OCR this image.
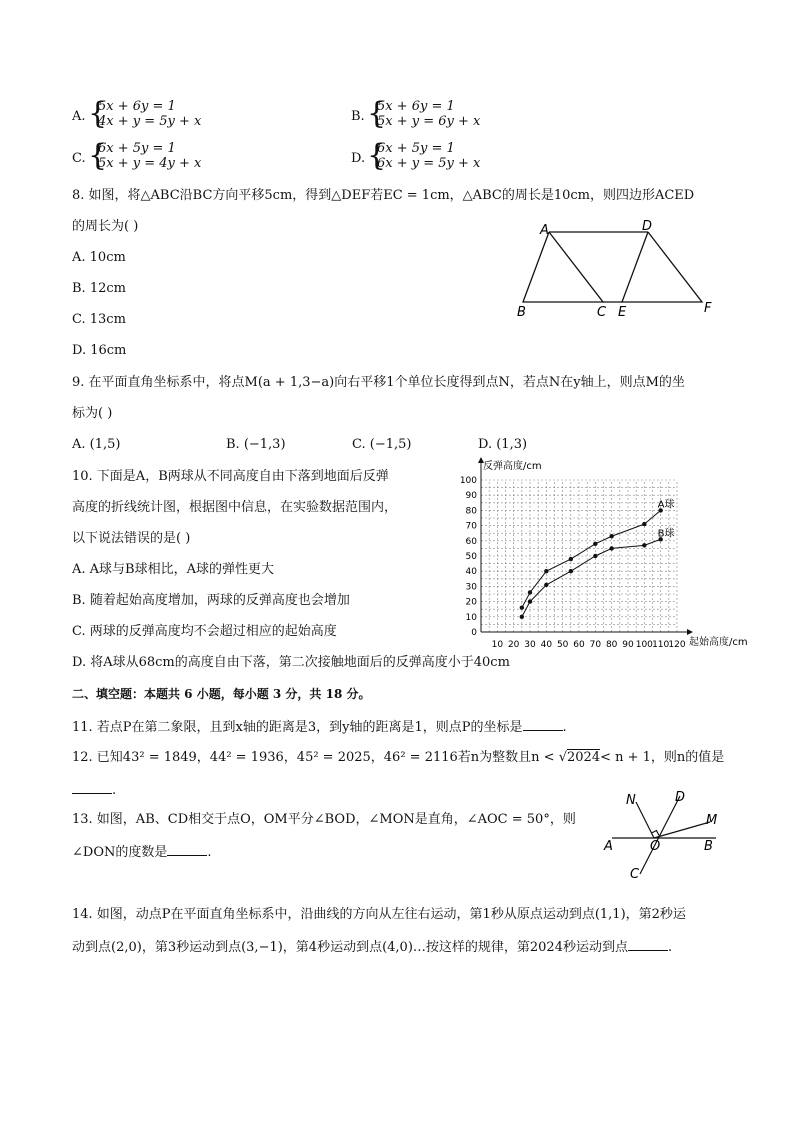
A. {
5x + 6y = 1
4x + y = 5y + x	B. {
5x + 6y = 1
5x + y = 6y + x
C. {
6x + 5y = 1
5x + y = 4y + x	D. {
6x + 5y = 1
6x + y = 5y + x
8. 如图，将△ABC沿BC方向平移5cm，得到△DEF若EC = 1cm，△ABC的周长是10cm，则四边形ACED
的周长为( )
A. 10cm
B. 12cm
C. 13cm
D. 16cm
A	D
B	C E	F
9. 在平面直角坐标系中，将点M(a + 1,3−a)向右平移1个单位长度得到点N，若点N在y轴上，则点M的坐
标为( )
A. (1,5)	B. (−1,3)	C. (−1,5)	D. (1,3)
10. 下面是A，B两球从不同高度自由下落到地面后反弹
高度的折线统计图，根据图中信息，在实验数据范围内，
以下说法错误的是( )
A. A球与B球相比，A球的弹性更大
B. 随着起始高度增加，两球的反弹高度也会增加
C. 两球的反弹高度均不会超过相应的起始高度
D. 将A球从68cm的高度自由下落，第二次接触地面后的反弹高度小于40cm
10 20 30 40 50 60 70 80 90 100 110 120
0
10
20
30
40
50
60
70
80
90
100
A球
B球
反弹高度/cm
起始高度/cm
二、填空题：本题共 6 小题，每小题 3 分，共 18 分。
11. 若点P在第二象限，且到x轴的距离是3，到y轴的距离是1，则点P的坐标是	.
12. 已知43² = 1849，44² = 1936，45² = 2025，46² = 2116若n为整数且n < √2024< n + 1，则n的值是
.
13. 如图，AB、CD相交于点O，OM平分∠BOD，∠MON是直角，∠AOC = 50°，则
∠DON的度数是	.
N	D
M
A	O	B
C
14. 如图，动点P在平面直角坐标系中，沿曲线的方向从左往右运动，第1秒从原点运动到点(1,1)，第2秒运
动到点(2,0)，第3秒运动到点(3,−1)，第4秒运动到点(4,0)…按这样的规律，第2024秒运动到点	.
